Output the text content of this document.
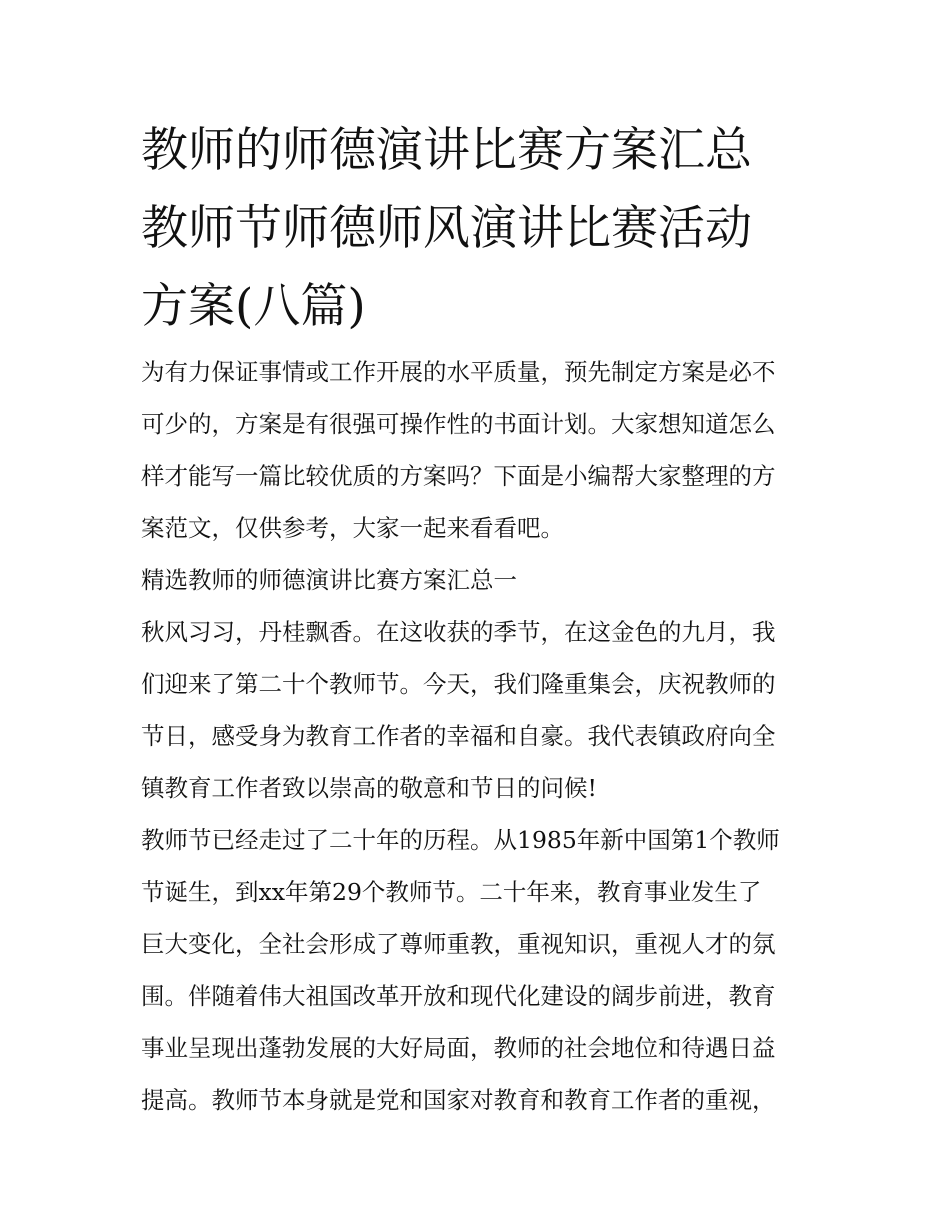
教师的师德演讲比赛方案汇总
教师节师德师风演讲比赛活动
方案(八篇)
为有力保证事情或工作开展的水平质量，预先制定方案是必不
可少的，方案是有很强可操作性的书面计划。大家想知道怎么
样才能写一篇比较优质的方案吗？下面是小编帮大家整理的方
案范文，仅供参考，大家一起来看看吧。
精选教师的师德演讲比赛方案汇总一
秋风习习，丹桂飘香。在这收获的季节，在这金色的九月，我
们迎来了第二十个教师节。今天，我们隆重集会，庆祝教师的
节日，感受身为教育工作者的幸福和自豪。我代表镇政府向全
镇教育工作者致以崇高的敬意和节日的问候!
教师节已经走过了二十年的历程。从1985年新中国第1个教师
节诞生，到xx年第29个教师节。二十年来，教育事业发生了
巨大变化，全社会形成了尊师重教，重视知识，重视人才的氛
围。伴随着伟大祖国改革开放和现代化建设的阔步前进，教育
事业呈现出蓬勃发展的大好局面，教师的社会地位和待遇日益
提高。教师节本身就是党和国家对教育和教育工作者的重视，
